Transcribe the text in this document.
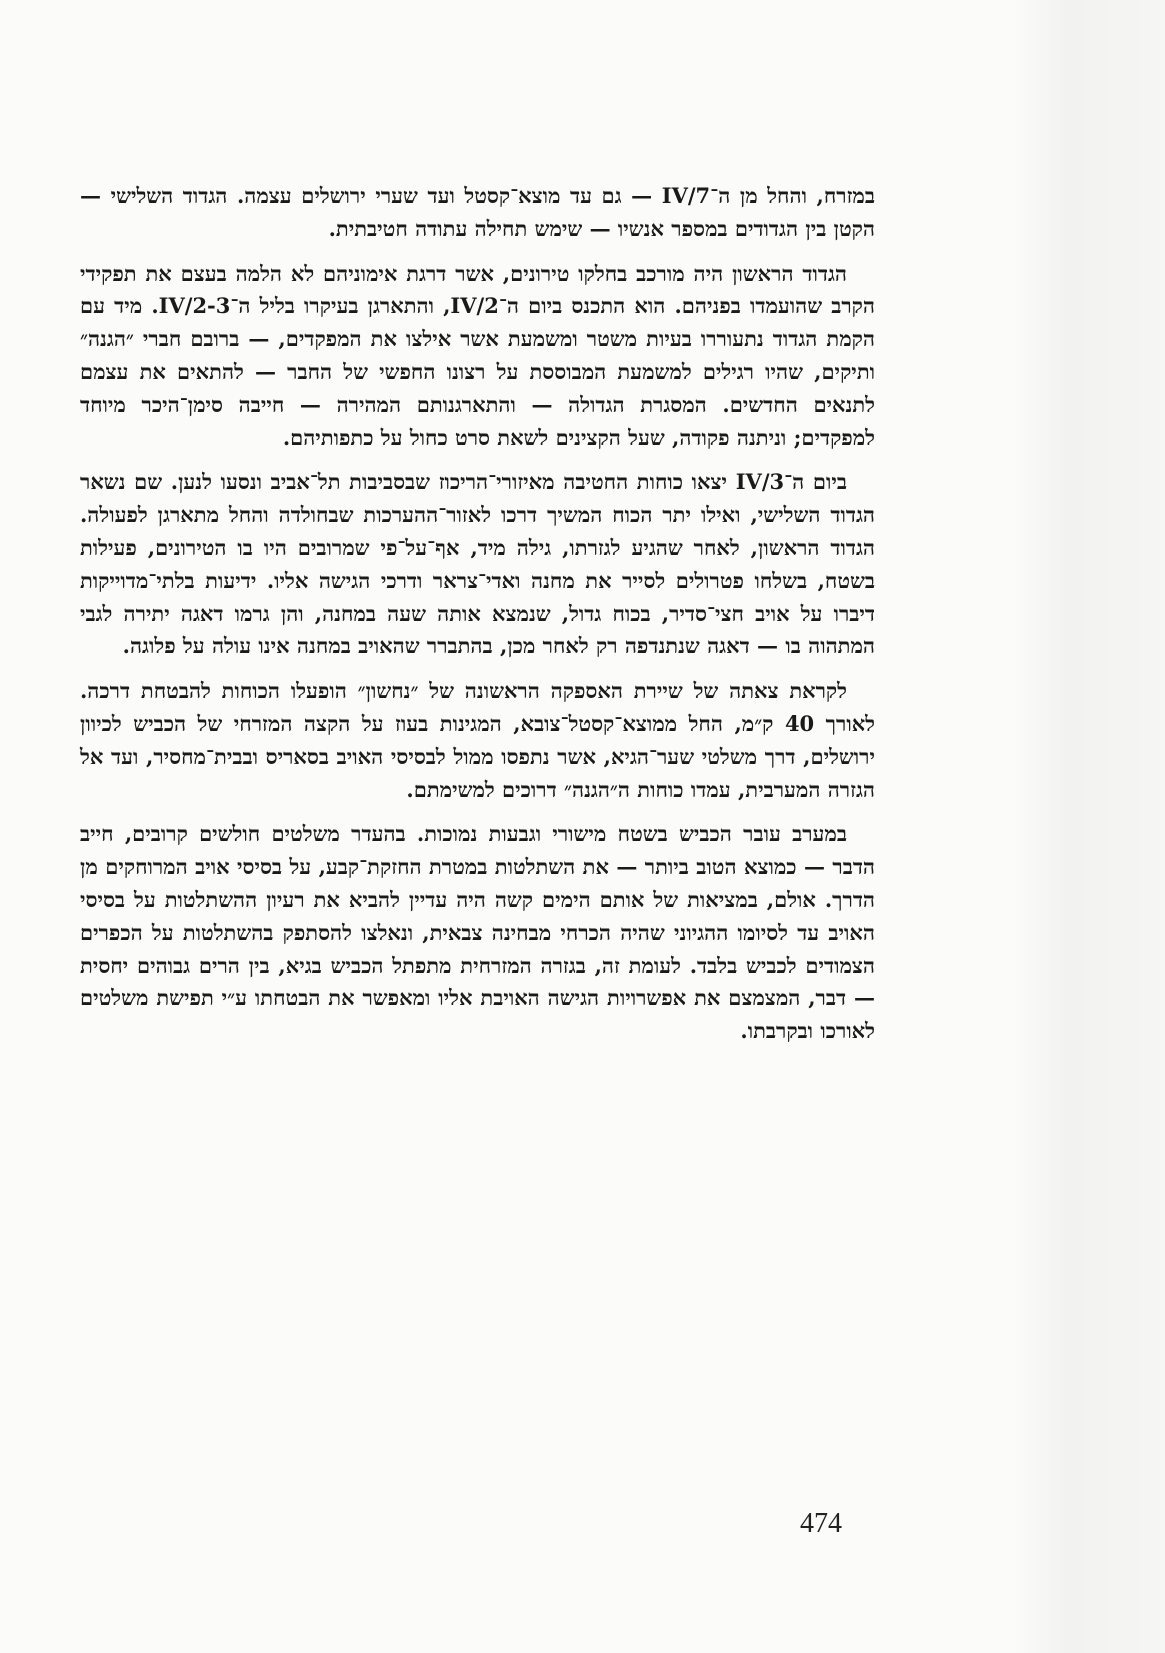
במזרח, והחל מן ה־7/IV — גם עד מוצא־קסטל ועד שערי ירושלים עצמה. הגדוד השלישי — הקטן בין הגדודים במספר אנשיו — שימש תחילה עתודה חטיבתית.

הגדוד הראשון היה מורכב בחלקו טירונים, אשר דרגת אימוניהם לא הלמה בעצם את תפקידי הקרב שהועמדו בפניהם. הוא התכנס ביום ה־2/IV, והתארגן בעיקרו בליל ה־2-3/IV. מיד עם הקמת הגדוד נתעוררו בעיות משטר ומשמעת אשר אילצו את המפקדים, — ברובם חברי ״הגנה״ ותיקים, שהיו רגילים למשמעת המבוססת על רצונו החפשי של החבר — להתאים את עצמם לתנאים החדשים. המסגרת הגדולה — והתארגנותם המהירה — חייבה סימן־היכר מיוחד למפקדים; וניתנה פקודה, שעל הקצינים לשאת סרט כחול על כתפותיהם.

ביום ה־3/IV יצאו כוחות החטיבה מאיזורי־הריכוז שבסביבות תל־אביב ונסעו לנען. שם נשאר הגדוד השלישי, ואילו יתר הכוח המשיך דרכו לאזור־ההערכות שבחולדה והחל מתארגן לפעולה. הגדוד הראשון, לאחר שהגיע לגזרתו, גילה מיד, אף־על־פי שמרובים היו בו הטירונים, פעילות בשטח, בשלחו פטרולים לסייר את מחנה ואדי־צראר ודרכי הגישה אליו. ידיעות בלתי־מדוייקות דיברו על אויב חצי־סדיר, בכוח גדול, שנמצא אותה שעה במחנה, והן גרמו דאגה יתירה לגבי המתהוה בו — דאגה שנתנדפה רק לאחר מכן, בהתברר שהאויב במחנה אינו עולה על פלוגה.

לקראת צאתה של שיירת האספקה הראשונה של ״נחשון״ הופעלו הכוחות להבטחת דרכה. לאורך 40 ק״מ, החל ממוצא־קסטל־צובא, המגינות בעוז על הקצה המזרחי של הכביש לכיוון ירושלים, דרך משלטי שער־הגיא, אשר נתפסו ממול לבסיסי האויב בסאריס ובבית־מחסיר, ועד אל הגזרה המערבית, עמדו כוחות ה״הגנה״ דרוכים למשימתם.

במערב עובר הכביש בשטח מישורי וגבעות נמוכות. בהעדר משלטים חולשים קרובים, חייב הדבר — כמוצא הטוב ביותר — את השתלטות במטרת החזקת־קבע, על בסיסי אויב המרוחקים מן הדרך. אולם, במציאות של אותם הימים קשה היה עדיין להביא את רעיון ההשתלטות על בסיסי האויב עד לסיומו ההגיוני שהיה הכרחי מבחינה צבאית, ונאלצו להסתפק בהשתלטות על הכפרים הצמודים לכביש בלבד. לעומת זה, בגזרה המזרחית מתפתל הכביש בגיא, בין הרים גבוהים יחסית — דבר, המצמצם את אפשרויות הגישה האויבת אליו ומאפשר את הבטחתו ע״י תפישת משלטים לאורכו ובקרבתו.

474
